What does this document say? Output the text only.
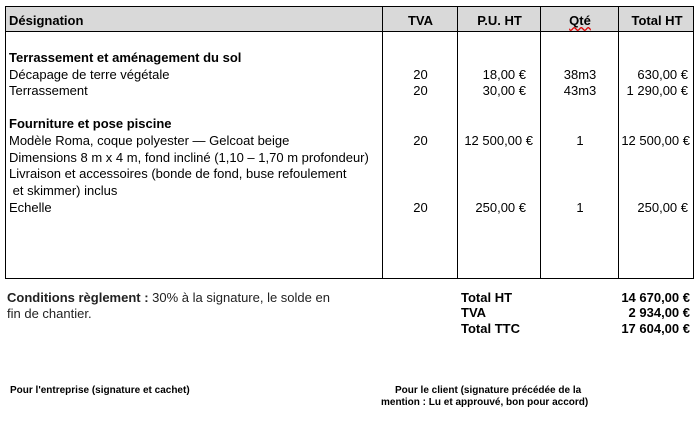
Désignation	TVA	P.U. HT	Qté	Total HT
Terrassement et aménagement du sol
Décapage de terre végétale	20	18,00 €	38m3	630,00 €
Terrassement	20	30,00 €	43m3	1 290,00 €
Fourniture et pose piscine
Modèle Roma, coque polyester — Gelcoat beige	20	12 500,00 €	1	12 500,00 €
Dimensions 8 m x 4 m, fond incliné (1,10 – 1,70 m profondeur)
Livraison et accessoires (bonde de fond, buse refoulement
et skimmer) inclus
Echelle	20	250,00 €	1	250,00 €
Conditions règlement : 30% à la signature, le solde en
fin de chantier.
Total HT	14 670,00 €
TVA	2 934,00 €
Total TTC	17 604,00 €
Pour l'entreprise (signature et cachet)	Pour le client (signature précédée de la
mention : Lu et approuvé, bon pour accord)
